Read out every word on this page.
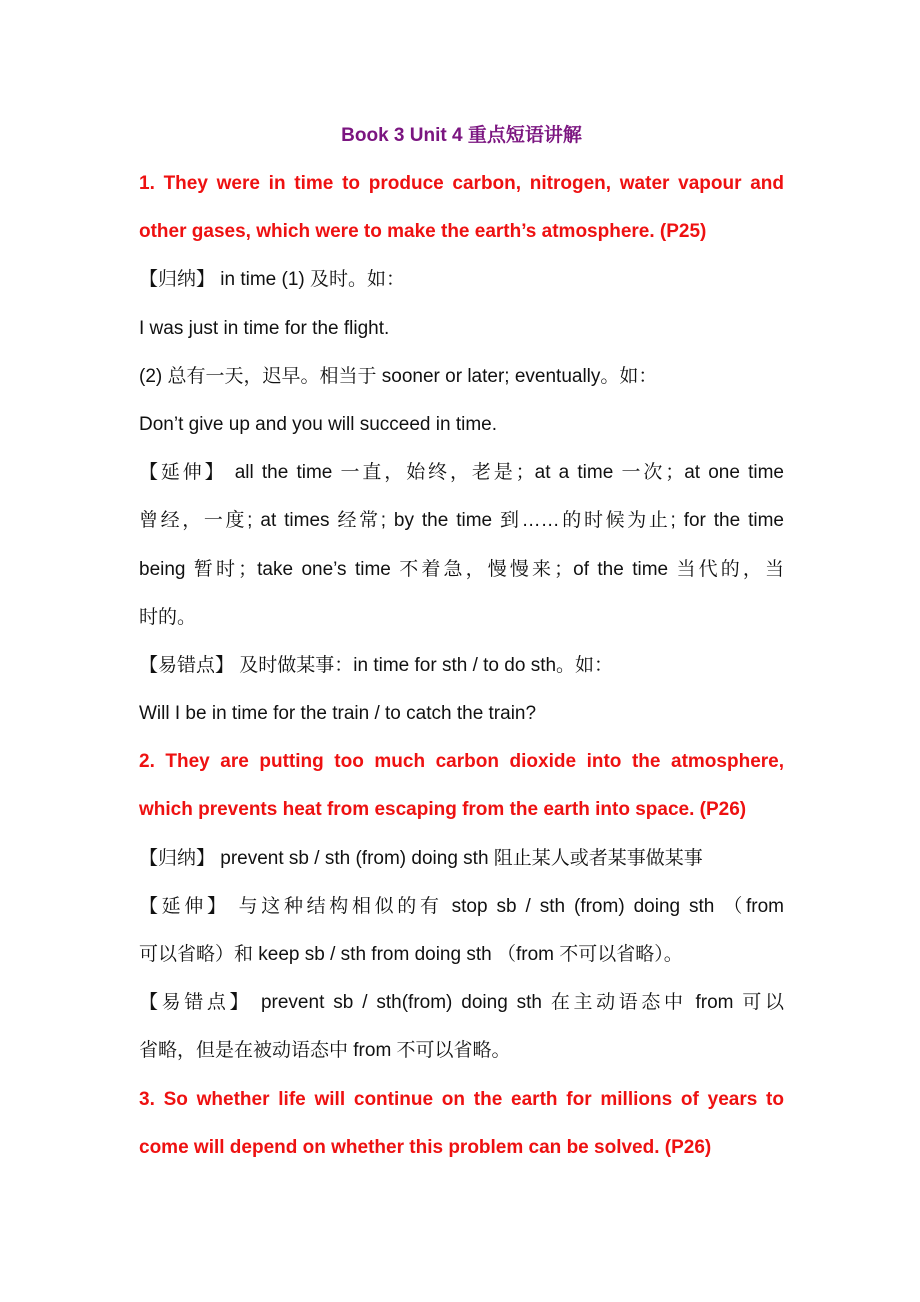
Book 3 Unit 4 重点短语讲解
1. They were in time to produce carbon, nitrogen, water vapour and
other gases, which were to make the earth’s atmosphere. (P25)
【归纳】 in time (1) 及时。如：
I was just in time for the flight.
(2) 总有一天，迟早。相当于 sooner or later; eventually。如：
Don’t give up and you will succeed in time.
【延伸】 all the time 一直，始终，老是；at a time 一次；at one time
曾经，一度; at times 经常; by the time 到……的时候为止; for the time
being 暂时；take one’s time 不着急，慢慢来；of the time 当代的，当
时的。
【易错点】 及时做某事：in time for sth / to do sth。如：
Will I be in time for the train / to catch the train?
2. They are putting too much carbon dioxide into the atmosphere,
which prevents heat from escaping from the earth into space. (P26)
【归纳】 prevent sb / sth (from) doing sth 阻止某人或者某事做某事
【延伸】 与这种结构相似的有 stop sb / sth (from) doing sth （from
可以省略）和 keep sb / sth from doing sth （from 不可以省略）。
【易错点】 prevent sb / sth(from) doing sth 在主动语态中 from 可以
省略，但是在被动语态中 from 不可以省略。
3. So whether life will continue on the earth for millions of years to
come will depend on whether this problem can be solved. (P26)
